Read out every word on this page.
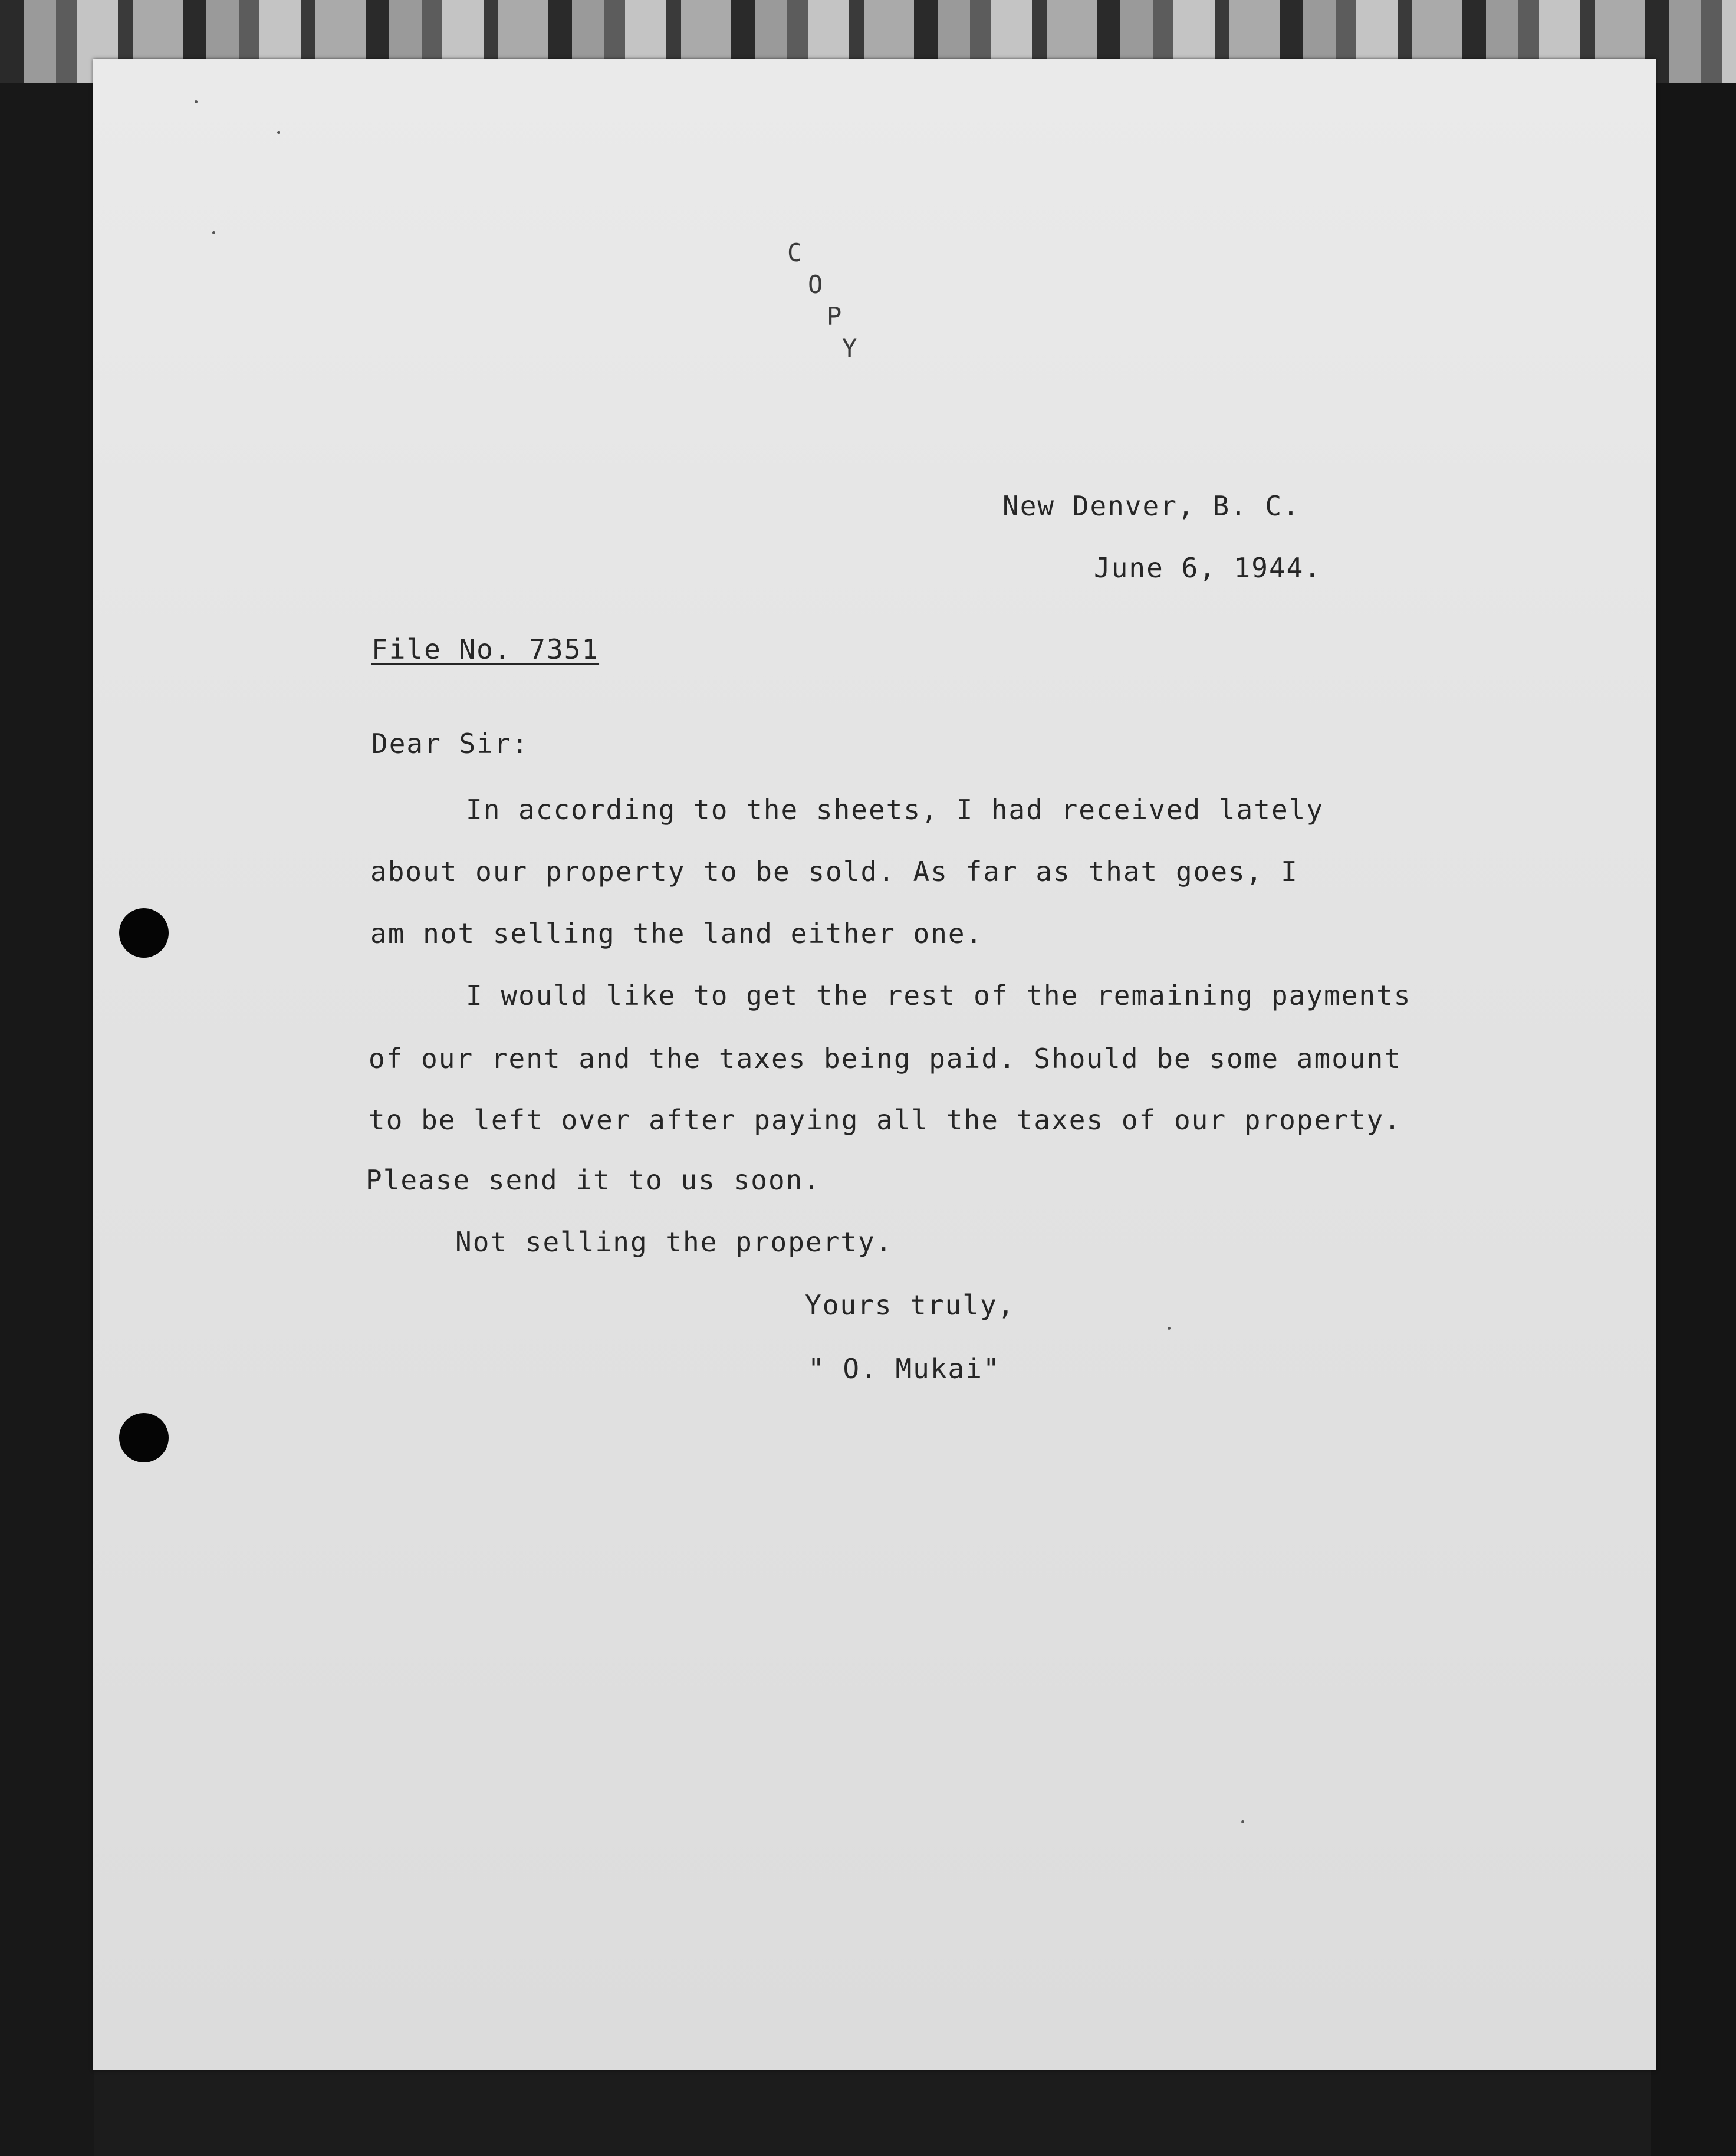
C
O
P
Y
New Denver, B. C.
June 6, 1944.
File No. 7351
Dear Sir:
In according to the sheets, I had received lately
about our property to be sold. As far as that goes, I
am not selling the land either one.
I would like to get the rest of the remaining payments
of our rent and the taxes being paid. Should be some amount
to be left over after paying all the taxes of our property.
Please send it to us soon.
Not selling the property.
Yours truly,
" O. Mukai"
